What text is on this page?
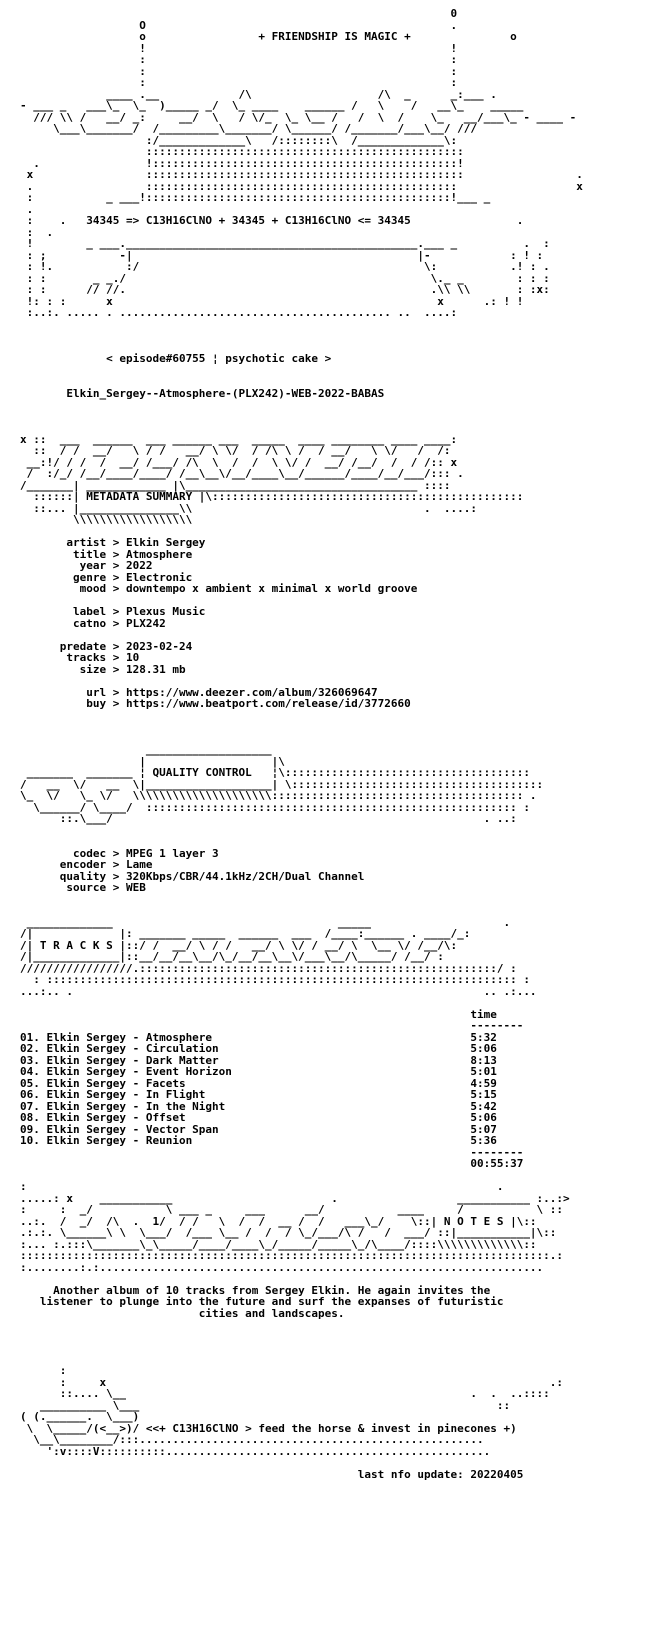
0
O                                              .
o                 + FRIENDSHIP IS MAGIC +               o
!                                              !
:                                              :
:                                              :
:                                              :
____ .__            /\                   /\  _      _:___ .
- ___ _   ___\_  \_  )_____ _/  \_ ____    ______ /   \    /   __\_    _____
/// \\ /   __/ _:     __/  \   / \/_  \_ \__ /   /  \  /    \_   __/___\_ - ____ -
\___\_______/  /_________\_______/ \______/ /_______/___\__/ ///
:/_____________\   /::::::::\  /_____________\:
::::::::::::::::::::::::::::::::::::::::::::::::
.                !::::::::::::::::::::::::::::::::::::::::::::::!
x                 ::::::::::::::::::::::::::::::::::::::::::::::::                 .
.                 :::::::::::::::::::::::::::::::::::::::::::::::                  x
:           _ ___!::::::::::::::::::::::::::::::::::::::::::::::!___ _
.
:    .   34345 => C13H16ClNO + 34345 + C13H16ClNO <= 34345                .
:  .
!        _ ___.____________________________________________.___ _          .  :
: ;           -|                                           |-            : ! :
: !.           :/                                           \:           .! : .
: :       _ _./                                              \._ _        : : :
: :      // //.                                              .\\ \\       : :x:
!: : :      x                                                 x      .: ! !
:..:. ..... . ......................................... ..  ....:

< episode#60755 ¦ psychotic cake >

Elkin_Sergey--Atmosphere-(PLX242)-WEB-2022-BABAS

x ::  ___  ______  ___ ______ ___  _____  ____ ________ ____ ____:
::  / /  __/   \ / /   __/ \ \/  / /\ \ /  / __/   \ \/   /  /:
__:!/ / /  /  __/ /___/ /\  \  /  /  \ \/ /  __/ /__/  /  / /:: x
/  :/_/ /__/____/____/ /__\__\/__/____\__/______/____/__/___/::: .
/_______| ____________ |\___________________________________ ::::
::::::| METADATA SUMMARY |\:::::::::::::::::::::::::::::::::::::::::::::::
::... |_______________\\                                   .  ....:
\\\\\\\\\\\\\\\\\\

artist > Elkin Sergey
title > Atmosphere
year > 2022
genre > Electronic
mood > downtempo x ambient x minimal x world groove

label > Plexus Music
catno > PLX242

predate > 2023-02-24
tracks > 10
size > 128.31 mb

url > https://www.deezer.com/album/326069647
buy > https://www.beatport.com/release/id/3772660

___________________
|                   |\
_______  _______ ¦ QUALITY CONTROL   ¦\:::::::::::::::::::::::::::::::::::::
/   __  \/   __  \|___________________| \::::::::::::::::::::::::::::::::::::::
\_  \/   \_ \/   \\\\\\\\\\\\\\\\\\\\\:::::::::::::::::::::::::::::::::::::: .
\______/ \____/  :::::::::::::::::::::::::::::::::::::::::::::::::::::::: :
::.\___/                                                        . ..:

codec > MPEG 1 layer 3
encoder > Lame
quality > 320Kbps/CBR/44.1kHz/2CH/Dual Channel
source > WEB

_____________                                  _____                    .
/|             |: _______ _____  ______  ___  /____:______ . ____/_:
/| T R A C K S |::/ /  __/ \ / /   __/ \ \/ / __/ \  \__ \/ /__/\:
/|_____________|::__/__/__\__/\_/__/__\__\/___\__/\_____/ /__/ :
/////////////////.::::::::::::::::::::::::::::::::::::::::::::::::::::::/ :
: ::::::::::::::::::::::::::::::::::::::::::::::::::::::::::::::::::::::: :
...:.. .                                                              .. .:...

time
--------
01. Elkin Sergey - Atmosphere                                       5:32
02. Elkin Sergey - Circulation                                      5:06
03. Elkin Sergey - Dark Matter                                      8:13
04. Elkin Sergey - Event Horizon                                    5:01
05. Elkin Sergey - Facets                                           4:59
06. Elkin Sergey - In Flight                                        5:15
07. Elkin Sergey - In the Night                                     5:42
08. Elkin Sergey - Offset                                           5:06
09. Elkin Sergey - Vector Span                                      5:07
10. Elkin Sergey - Reunion                                          5:36
--------
00:55:37

:                                                                       .
.....: x    ___________                        .                  ___________ :..:>
:     :  _/           \ ___ _     ___      __/           ____     /           \ ::
..:.  /  _/  /\  .  1/  / /   \  /  /  __ /  /   ___\_/    \::| N O T E S |\::
.:.:. \______\ \  \___/  /___ \__ /  /  / \_/___/\ /   /  ___/ ::|___________|\::
:... :.:::\_______\_\_____/____/____\_/_____/_____\_/\____/::::\\\\\\\\\\\\\::
::::::::::::::::::::::::::::::::::::::::::::::::::::::::::::::::::::::::::::::::.:
:........:.:...................................................................

Another album of 10 tracks from Sergey Elkin. He again invites the
listener to plunge into the future and surf the expanses of futuristic
cities and landscapes.

:
:     x                                                                   .:
::.... \__                                                    .  .  ..::::
__________ \___                                                      ::
( (.______.  \___)
\  \_____/(<__>)/ <<+ C13H16ClNO > feed the horse & invest in pinecones +)
\__\________/:::....................................................
':v::::V::::::::::.................................................

last nfo update: 20220405
